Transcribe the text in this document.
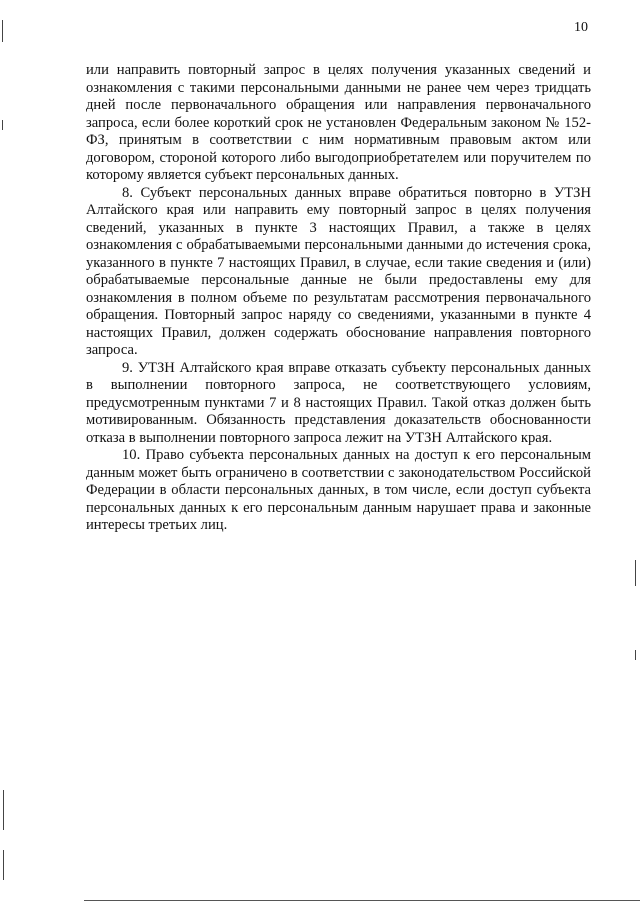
10

или направить повторный запрос в целях получения указанных сведений и ознакомления с такими персональными данными не ранее чем через тридцать дней после первоначального обращения или направления первоначального запроса, если более короткий срок не установлен Федеральным законом № 152-ФЗ, принятым в соответствии с ним нормативным правовым актом или договором, стороной которого либо выгодоприобретателем или поручителем по которому является субъект персональных данных.

8. Субъект персональных данных вправе обратиться повторно в УТЗН Алтайского края или направить ему повторный запрос в целях получения сведений, указанных в пункте 3 настоящих Правил, а также в целях ознакомления с обрабатываемыми персональными данными до истечения срока, указанного в пункте 7 настоящих Правил, в случае, если такие сведения и (или) обрабатываемые персональные данные не были предоставлены ему для ознакомления в полном объеме по результатам рассмотрения первоначального обращения. Повторный запрос наряду со сведениями, указанными в пункте 4 настоящих Правил, должен содержать обоснование направления повторного запроса.

9. УТЗН Алтайского края вправе отказать субъекту персональных данных в выполнении повторного запроса, не соответствующего условиям, предусмотренным пунктами 7 и 8 настоящих Правил. Такой отказ должен быть мотивированным. Обязанность представления доказательств обоснованности отказа в выполнении повторного запроса лежит на УТЗН Алтайского края.

10. Право субъекта персональных данных на доступ к его персональным данным может быть ограничено в соответствии с законодательством Российской Федерации в области персональных данных, в том числе, если доступ субъекта персональных данных к его персональным данным нарушает права и законные интересы третьих лиц.
